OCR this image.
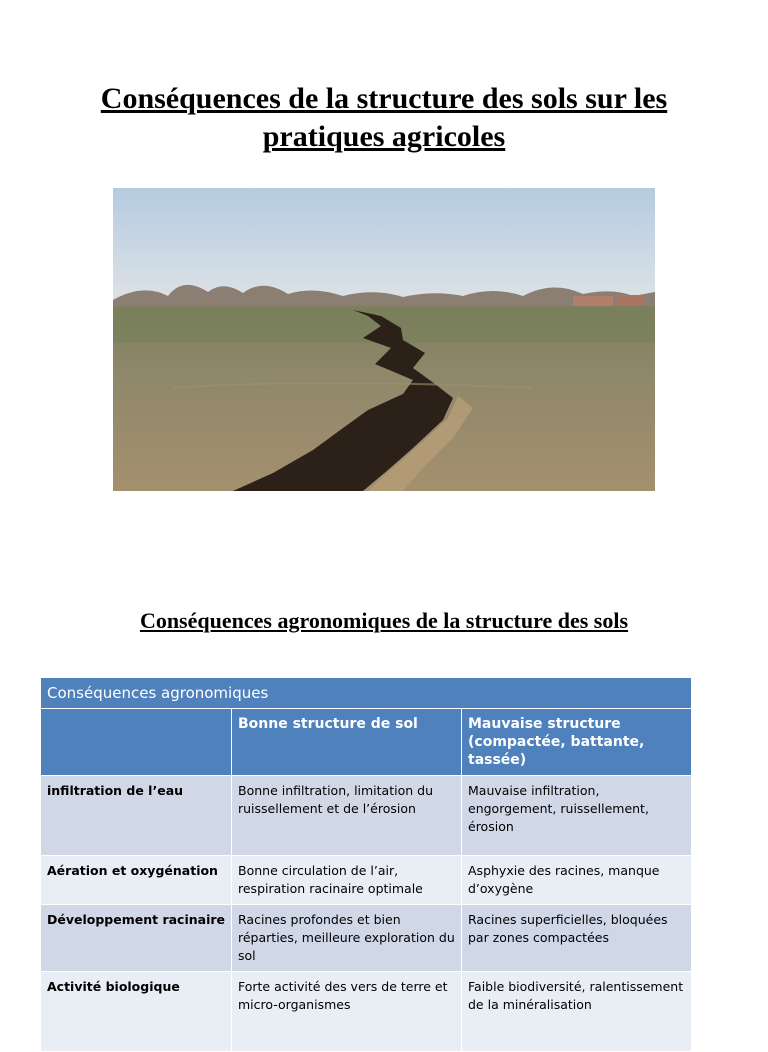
Conséquences de la structure des sols sur les pratiques agricoles
Conséquences agronomiques de la structure des sols
Conséquences agronomiques		
	Bonne structure de sol	Mauvaise structure (compactée, battante, tassée)
infiltration de l’eau	Bonne infiltration, limitation du ruissellement et de l’érosion	Mauvaise infiltration, engorgement, ruissellement, érosion
Aération et oxygénation	Bonne circulation de l’air, respiration racinaire optimale	Asphyxie des racines, manque d’oxygène
Développement racinaire	Racines profondes et bien réparties, meilleure exploration du sol	Racines superficielles, bloquées par zones compactées
Activité biologique	Forte activité des vers de terre et micro-organismes	Faible biodiversité, ralentissement de la minéralisation
